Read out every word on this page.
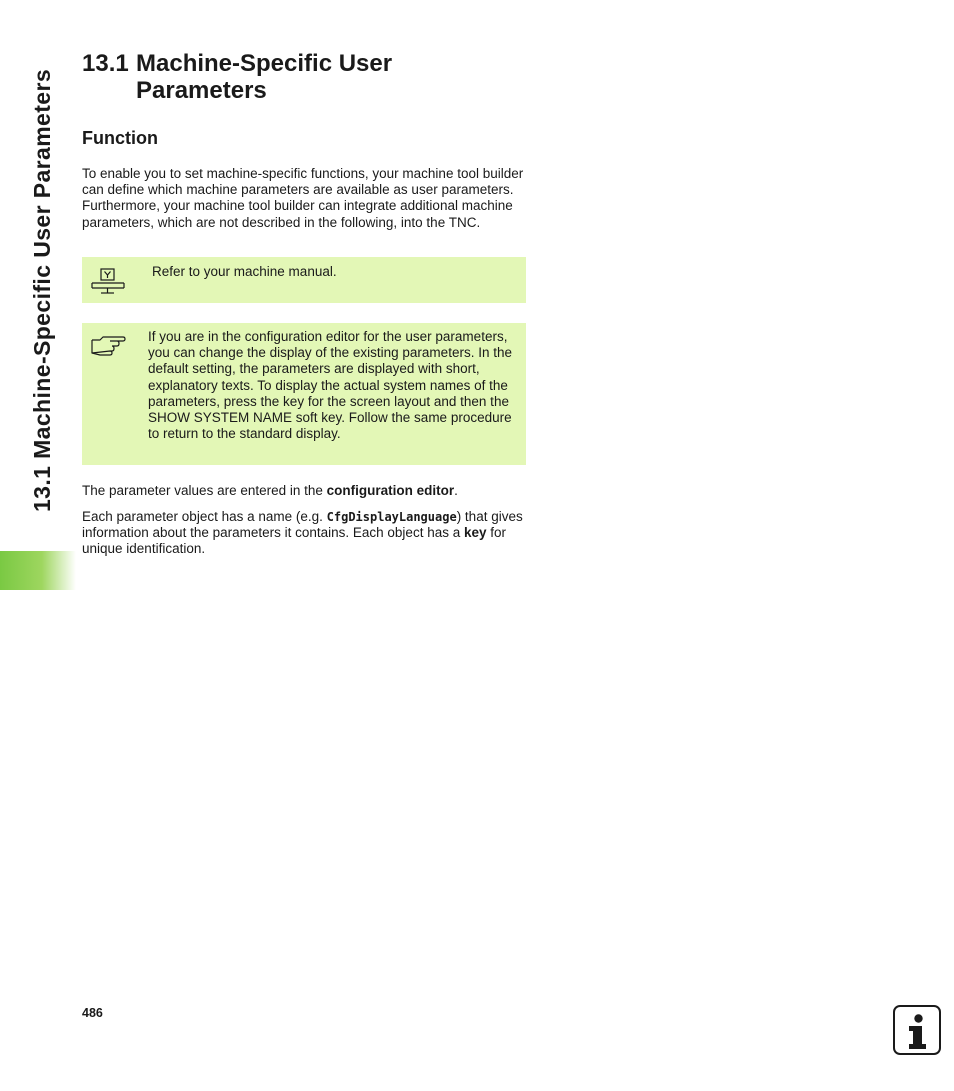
13.1 Machine-Specific User Parameters
13.1 Machine-Specific User
Parameters
Function

To enable you to set machine-specific functions, your machine tool builder can define which machine parameters are available as user parameters. Furthermore, your machine tool builder can integrate additional machine parameters, which are not described in the following, into the TNC.

Refer to your machine manual.

If you are in the configuration editor for the user parameters, you can change the display of the existing parameters. In the default setting, the parameters are displayed with short, explanatory texts. To display the actual system names of the parameters, press the key for the screen layout and then the SHOW SYSTEM NAME soft key. Follow the same procedure to return to the standard display.

The parameter values are entered in the configuration editor.

Each parameter object has a name (e.g. CfgDisplayLanguage) that gives information about the parameters it contains. Each object has a key for unique identification.

486
